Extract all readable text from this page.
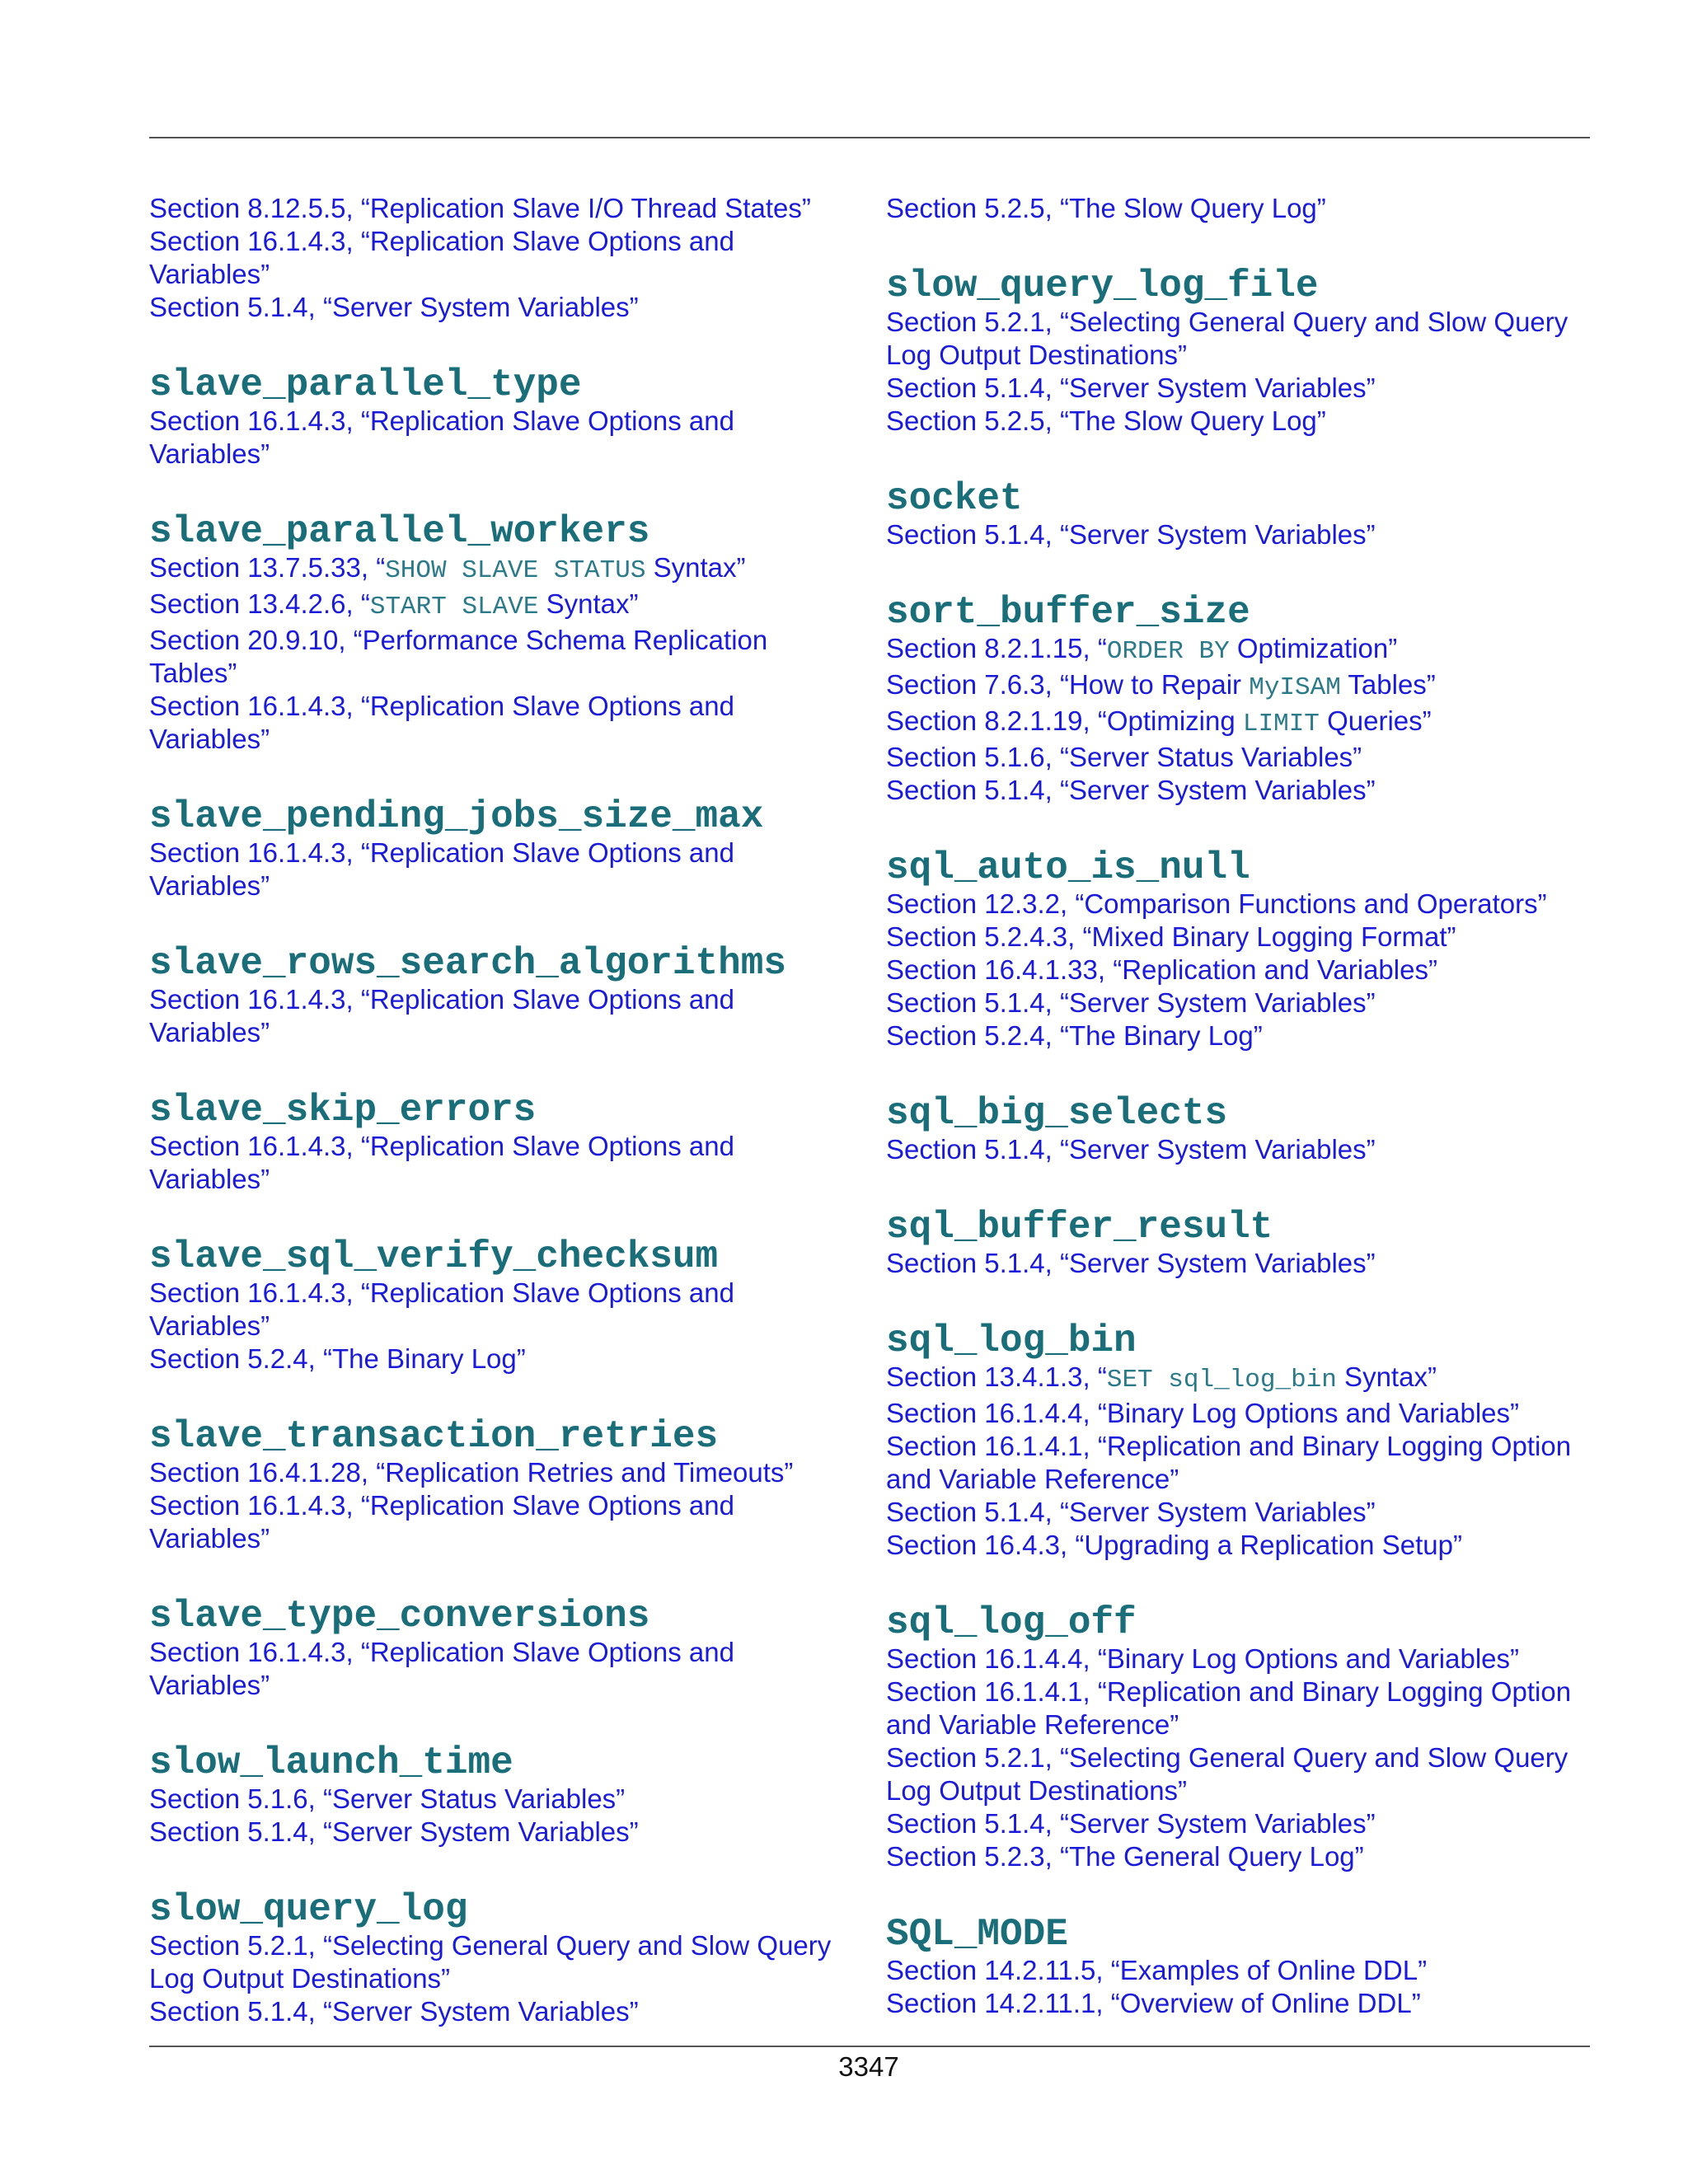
Section 8.12.5.5, “Replication Slave I/O Thread States”
Section 16.1.4.3, “Replication Slave Options and
Variables”
Section 5.1.4, “Server System Variables”
slave_parallel_type
Section 16.1.4.3, “Replication Slave Options and
Variables”
slave_parallel_workers
Section 13.7.5.33, “SHOW SLAVE STATUS Syntax”
Section 13.4.2.6, “START SLAVE Syntax”
Section 20.9.10, “Performance Schema Replication
Tables”
Section 16.1.4.3, “Replication Slave Options and
Variables”
slave_pending_jobs_size_max
Section 16.1.4.3, “Replication Slave Options and
Variables”
slave_rows_search_algorithms
Section 16.1.4.3, “Replication Slave Options and
Variables”
slave_skip_errors
Section 16.1.4.3, “Replication Slave Options and
Variables”
slave_sql_verify_checksum
Section 16.1.4.3, “Replication Slave Options and
Variables”
Section 5.2.4, “The Binary Log”
slave_transaction_retries
Section 16.4.1.28, “Replication Retries and Timeouts”
Section 16.1.4.3, “Replication Slave Options and
Variables”
slave_type_conversions
Section 16.1.4.3, “Replication Slave Options and
Variables”
slow_launch_time
Section 5.1.6, “Server Status Variables”
Section 5.1.4, “Server System Variables”
slow_query_log
Section 5.2.1, “Selecting General Query and Slow Query
Log Output Destinations”
Section 5.1.4, “Server System Variables”
Section 5.2.5, “The Slow Query Log”
slow_query_log_file
Section 5.2.1, “Selecting General Query and Slow Query
Log Output Destinations”
Section 5.1.4, “Server System Variables”
Section 5.2.5, “The Slow Query Log”
socket
Section 5.1.4, “Server System Variables”
sort_buffer_size
Section 8.2.1.15, “ORDER BY Optimization”
Section 7.6.3, “How to Repair MyISAM Tables”
Section 8.2.1.19, “Optimizing LIMIT Queries”
Section 5.1.6, “Server Status Variables”
Section 5.1.4, “Server System Variables”
sql_auto_is_null
Section 12.3.2, “Comparison Functions and Operators”
Section 5.2.4.3, “Mixed Binary Logging Format”
Section 16.4.1.33, “Replication and Variables”
Section 5.1.4, “Server System Variables”
Section 5.2.4, “The Binary Log”
sql_big_selects
Section 5.1.4, “Server System Variables”
sql_buffer_result
Section 5.1.4, “Server System Variables”
sql_log_bin
Section 13.4.1.3, “SET sql_log_bin Syntax”
Section 16.1.4.4, “Binary Log Options and Variables”
Section 16.1.4.1, “Replication and Binary Logging Option
and Variable Reference”
Section 5.1.4, “Server System Variables”
Section 16.4.3, “Upgrading a Replication Setup”
sql_log_off
Section 16.1.4.4, “Binary Log Options and Variables”
Section 16.1.4.1, “Replication and Binary Logging Option
and Variable Reference”
Section 5.2.1, “Selecting General Query and Slow Query
Log Output Destinations”
Section 5.1.4, “Server System Variables”
Section 5.2.3, “The General Query Log”
SQL_MODE
Section 14.2.11.5, “Examples of Online DDL”
Section 14.2.11.1, “Overview of Online DDL”
3347
